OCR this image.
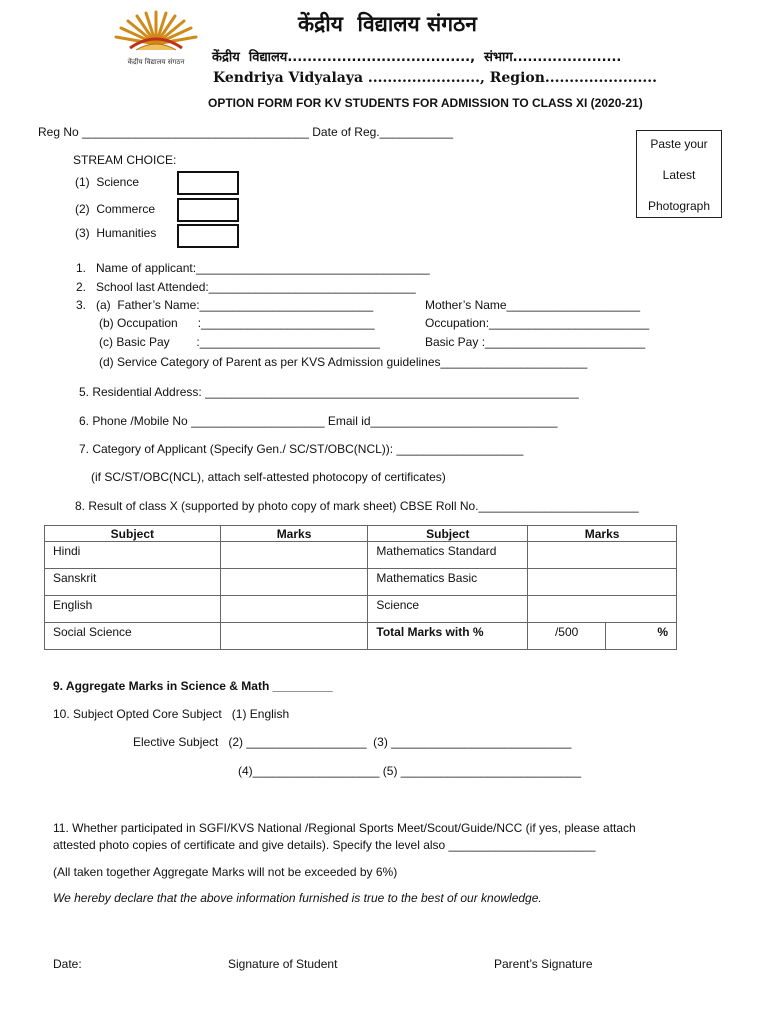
केंद्रीय विद्यालय संगठन
केंद्रीय  विद्यालय संगठन
केंद्रीय  विद्यालय.....................................,  संभाग......................
Kendriya Vidyalaya ......................., Region.......................
OPTION FORM FOR KV STUDENTS FOR ADMISSION TO CLASS XI (2020-21)
Reg No __________________________________ Date of Reg.___________
Paste your
Latest
Photograph
STREAM CHOICE:
(1)  Science
(2)  Commerce
(3)  Humanities
1.   Name of applicant:___________________________________
2.   School last Attended:_______________________________
3.   (a)  Father’s Name:__________________________	Mother’s Name____________________
(b) Occupation      :__________________________	Occupation:________________________
(c) Basic Pay        :___________________________	Basic Pay :________________________
(d) Service Category of Parent as per KVS Admission guidelines______________________
5. Residential Address: ________________________________________________________
6. Phone /Mobile No ____________________ Email id____________________________
7. Category of Applicant (Specify Gen./ SC/ST/OBC(NCL)): ___________________
(if SC/ST/OBC(NCL), attach self-attested photocopy of certificates)
8. Result of class X (supported by photo copy of mark sheet) CBSE Roll No.________________________
Subject	Marks	Subject	Marks	
Hindi		Mathematics Standard		
Sanskrit		Mathematics Basic		
English		Science		
Social Science		Total Marks with %	/500	%
9. Aggregate Marks in Science & Math _________
10. Subject Opted Core Subject   (1) English
Elective Subject   (2) __________________  (3) ___________________________
(4)___________________ (5) ___________________________
11. Whether participated in SGFI/KVS National /Regional Sports Meet/Scout/Guide/NCC (if yes, please attach
attested photo copies of certificate and give details). Specify the level also ______________________
(All taken together Aggregate Marks will not be exceeded by 6%)
We hereby declare that the above information furnished is true to the best of our knowledge.
Date:	Signature of Student	Parent’s Signature
